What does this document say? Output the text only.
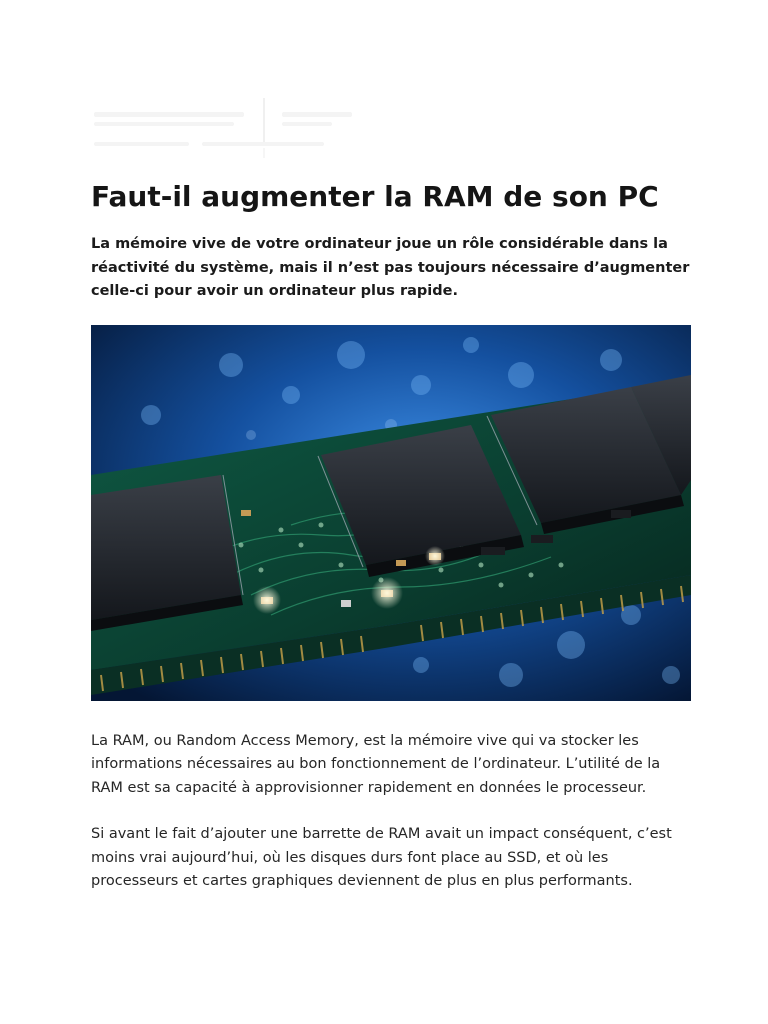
Faut-il augmenter la RAM de son PC

La mémoire vive de votre ordinateur joue un rôle considérable dans la réactivité du système, mais il n’est pas toujours nécessaire d’augmenter celle-ci pour avoir un ordinateur plus rapide.

La RAM, ou Random Access Memory, est la mémoire vive qui va stocker les informations nécessaires au bon fonctionnement de l’ordinateur. L’utilité de la RAM est sa capacité à approvisionner rapidement en données le processeur.

Si avant le fait d’ajouter une barrette de RAM avait un impact conséquent, c’est moins vrai aujourd’hui, où les disques durs font place au SSD, et où les processeurs et cartes graphiques deviennent de plus en plus performants.
